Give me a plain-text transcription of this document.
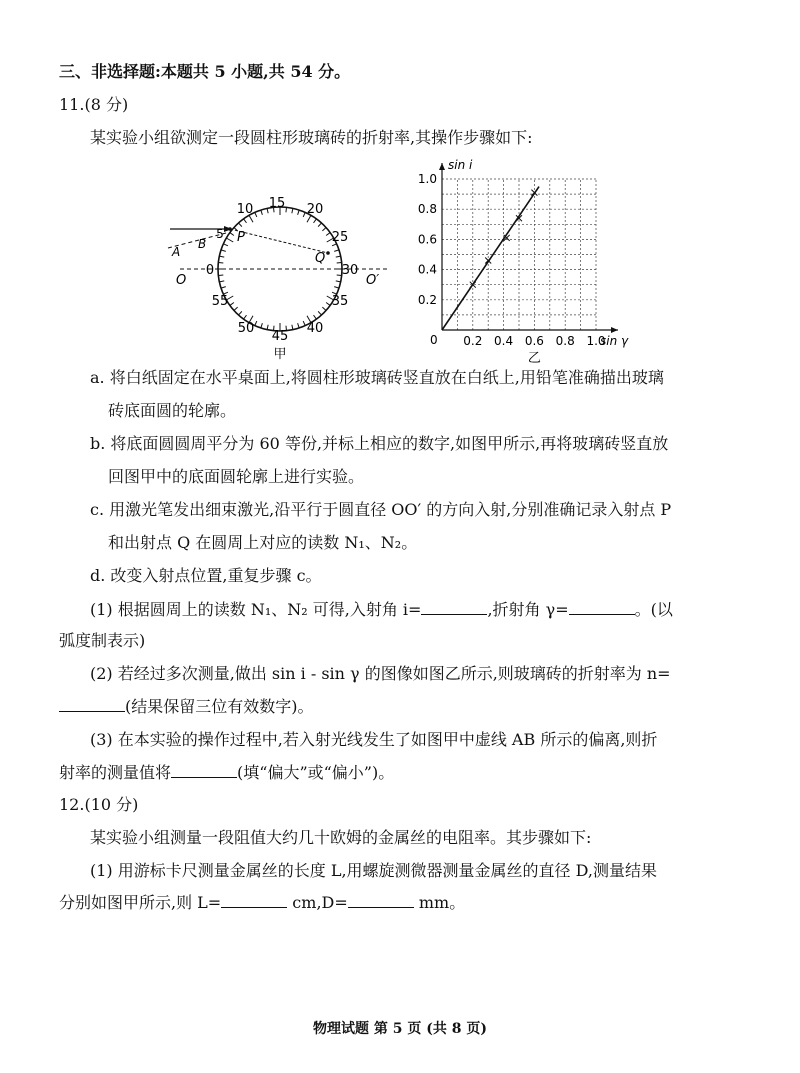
三、非选择题:本题共 5 小题,共 54 分。
11.(8 分)
某实验小组欲测定一段圆柱形玻璃砖的折射率,其操作步骤如下:
P
Q
A
B
O	O′
15 20
25
30
35
40
45
50
55
0
5
10
甲
0.2 0.4 0.6 0.8 1.0
0.2
0.4
0.6
0.8
1.0
0	sin γ
sin i
乙
a. 将白纸固定在水平桌面上,将圆柱形玻璃砖竖直放在白纸上,用铅笔准确描出玻璃
砖底面圆的轮廓。
b. 将底面圆圆周平分为 60 等份,并标上相应的数字,如图甲所示,再将玻璃砖竖直放
回图甲中的底面圆轮廓上进行实验。
c. 用激光笔发出细束激光,沿平行于圆直径 OO′ 的方向入射,分别准确记录入射点 P
和出射点 Q 在圆周上对应的读数 N₁、N₂。
d. 改变入射点位置,重复步骤 c。
(1) 根据圆周上的读数 N₁、N₂ 可得,入射角 i=	,折射角 γ=	。(以
弧度制表示)
(2) 若经过多次测量,做出 sin i - sin γ 的图像如图乙所示,则玻璃砖的折射率为 n=
(结果保留三位有效数字)。
(3) 在本实验的操作过程中,若入射光线发生了如图甲中虚线 AB 所示的偏离,则折
射率的测量值将	(填“偏大”或“偏小”)。
12.(10 分)
某实验小组测量一段阻值大约几十欧姆的金属丝的电阻率。其步骤如下:
(1) 用游标卡尺测量金属丝的长度 L,用螺旋测微器测量金属丝的直径 D,测量结果
分别如图甲所示,则 L=	cm,D=	mm。
物理试题 第 5 页 (共 8 页)
